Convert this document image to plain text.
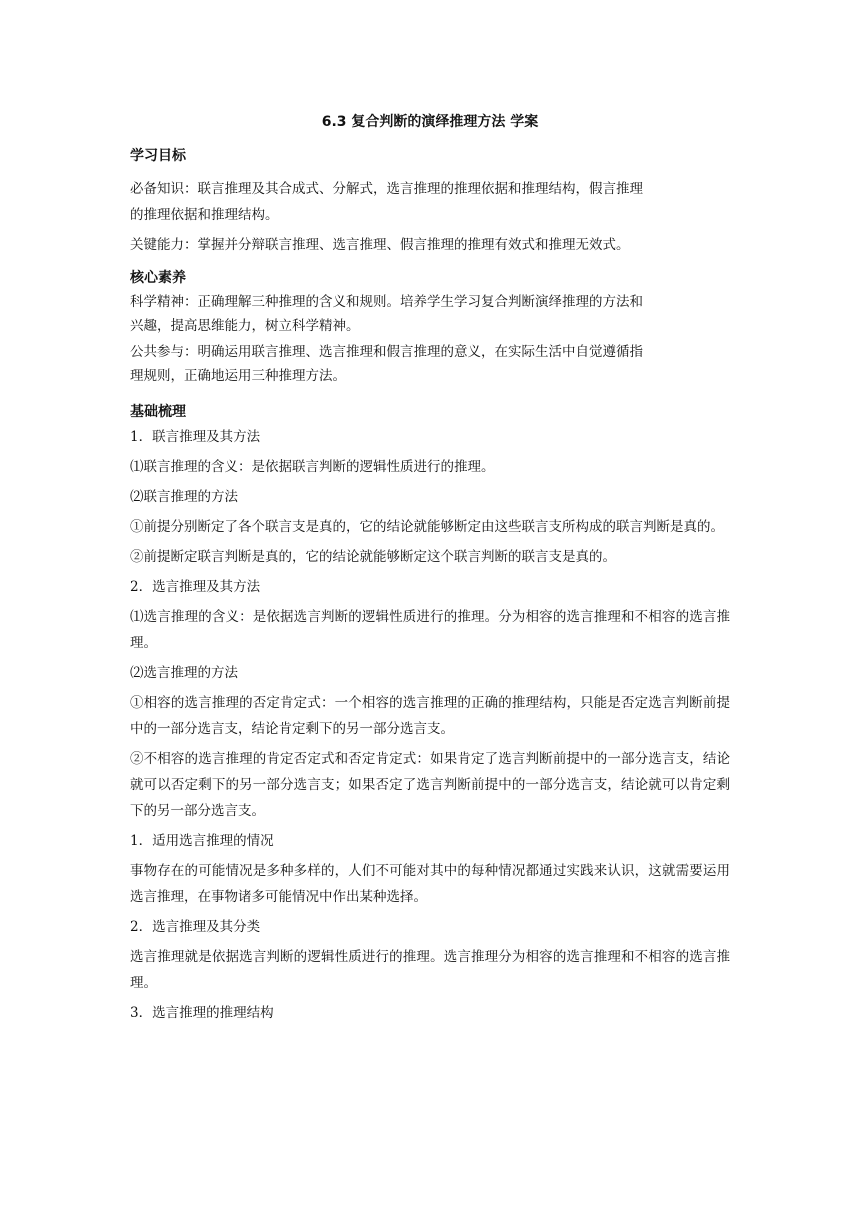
6.3 复合判断的演绎推理方法 学案
学习目标
必备知识：联言推理及其合成式、分解式，选言推理的推理依据和推理结构，假言推理
的推理依据和推理结构。
关键能力：掌握并分辩联言推理、选言推理、假言推理的推理有效式和推理无效式。
核心素养
科学精神：正确理解三种推理的含义和规则。培养学生学习复合判断演绎推理的方法和
兴趣，提高思维能力，树立科学精神。
公共参与：明确运用联言推理、选言推理和假言推理的意义，在实际生活中自觉遵循指
理规则，正确地运用三种推理方法。
基础梳理
1．联言推理及其方法
⑴联言推理的含义：是依据联言判断的逻辑性质进行的推理。
⑵联言推理的方法
①前提分别断定了各个联言支是真的，它的结论就能够断定由这些联言支所构成的联言判断是真的。
②前提断定联言判断是真的，它的结论就能够断定这个联言判断的联言支是真的。
2．选言推理及其方法
⑴选言推理的含义：是依据选言判断的逻辑性质进行的推理。分为相容的选言推理和不相容的选言推理。
⑵选言推理的方法
①相容的选言推理的否定肯定式：一个相容的选言推理的正确的推理结构，只能是否定选言判断前提中的一部分选言支，结论肯定剩下的另一部分选言支。
②不相容的选言推理的肯定否定式和否定肯定式：如果肯定了选言判断前提中的一部分选言支，结论就可以否定剩下的另一部分选言支；如果否定了选言判断前提中的一部分选言支，结论就可以肯定剩下的另一部分选言支。
1．适用选言推理的情况
事物存在的可能情况是多种多样的，人们不可能对其中的每种情况都通过实践来认识，这就需要运用选言推理，在事物诸多可能情况中作出某种选择。
2．选言推理及其分类
选言推理就是依据选言判断的逻辑性质进行的推理。选言推理分为相容的选言推理和不相容的选言推理。
3．选言推理的推理结构
